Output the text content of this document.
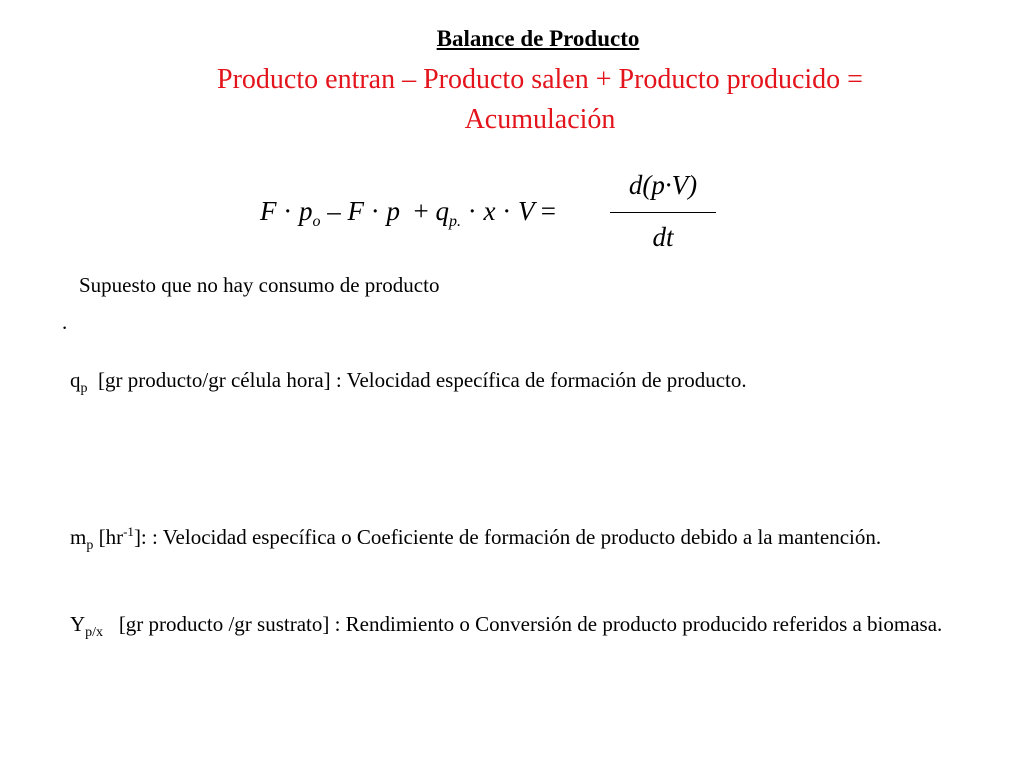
Balance de Producto
Producto entran – Producto salen + Producto producido =
Acumulación
$F \cdot p_o - F \cdot p + q_{p.} \cdot x \cdot V$ =
d(p·V)
dt
Supuesto que no hay consumo de producto
.
$q_p$ [gr producto/gr célula hora] : Velocidad específica de formación de producto.
$m_p$ $[hr^{-1}]$: : Velocidad específica o Coeficiente de formación de producto debido a la mantención.
$Y_{p/x}$ [gr producto /gr sustrato] : Rendimiento o Conversión de producto producido referidos a biomasa.
